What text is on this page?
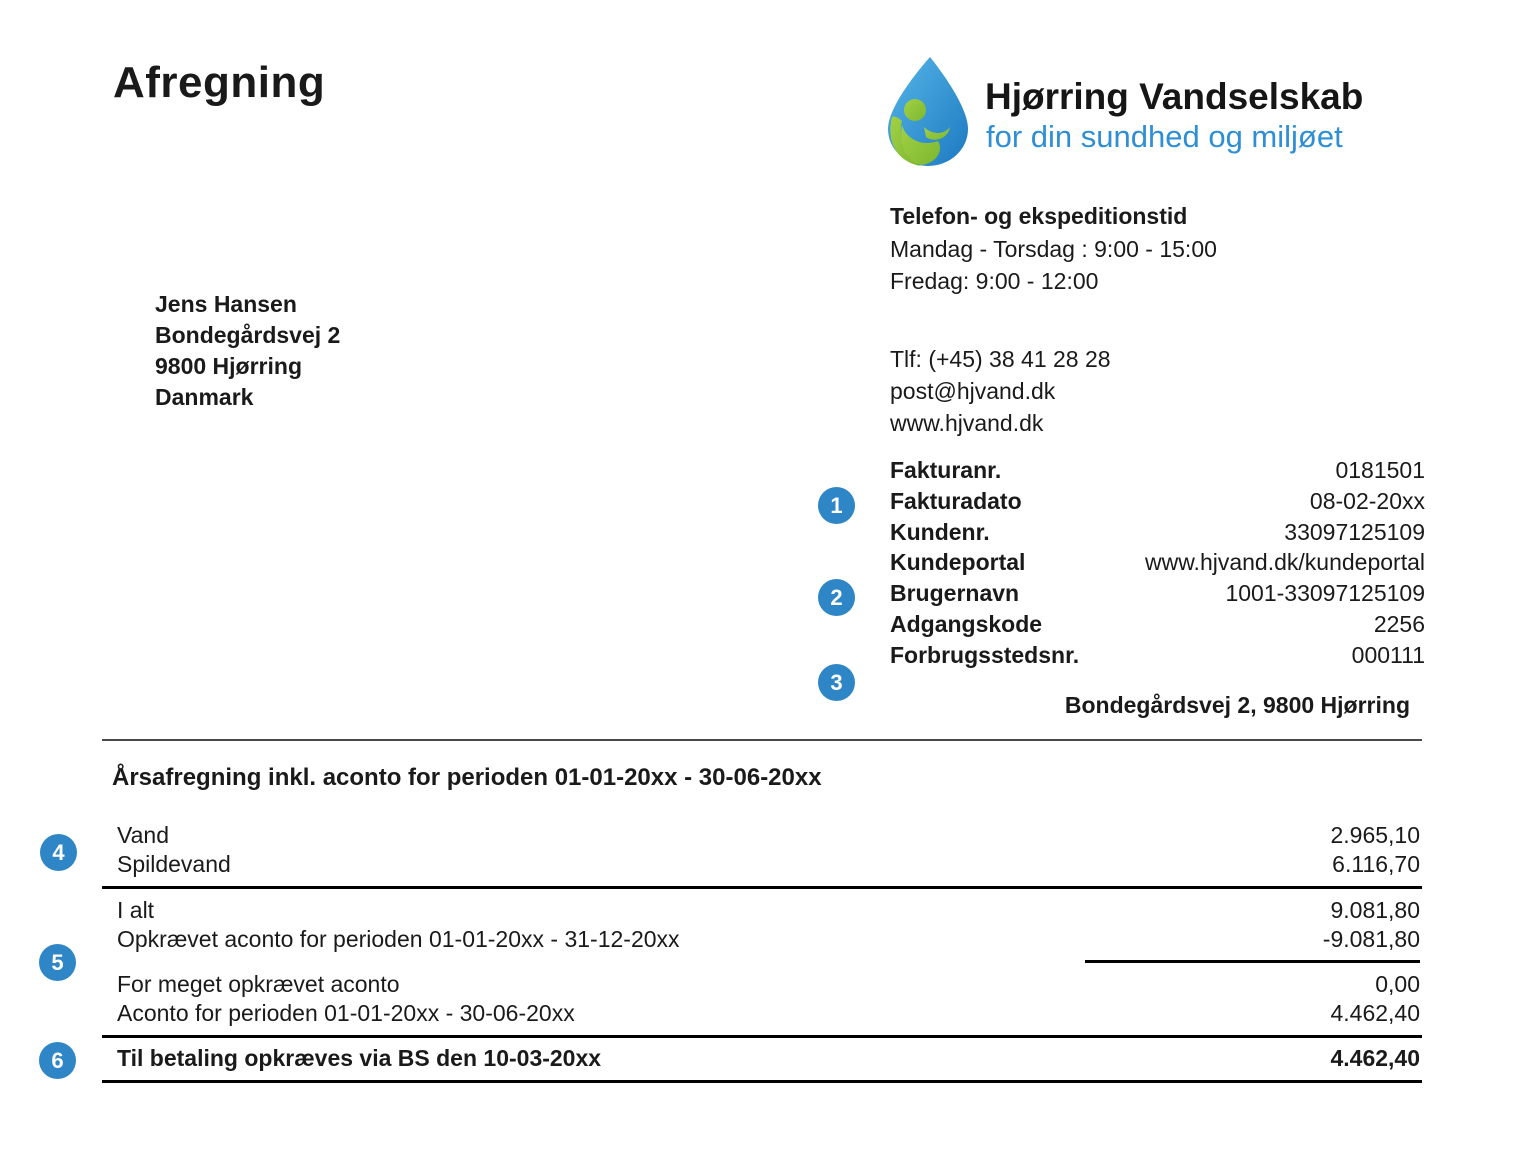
Afregning	Hjørring Vandselskab
for din sundhed og miljøet
Telefon- og ekspeditionstid
Mandag - Torsdag : 9:00 - 15:00
Fredag: 9:00 - 12:00
Tlf: (+45) 38 41 28 28
post@hjvand.dk
www.hjvand.dk
Jens Hansen
Bondegårdsvej 2
9800 Hjørring
Danmark
Fakturanr.	0181501
Fakturadato	08-02-20xx
Kundenr.	33097125109
Kundeportal	www.hjvand.dk/kundeportal
Brugernavn	1001-33097125109
Adgangskode	2256
Forbrugsstedsnr.	000111
Bondegårdsvej 2, 9800 Hjørring
1
2
3
4
5
6
Årsafregning inkl. aconto for perioden 01-01-20xx - 30-06-20xx
Vand	2.965,10
Spildevand	6.116,70
I alt	9.081,80
Opkrævet aconto for perioden 01-01-20xx - 31-12-20xx	-9.081,80
For meget opkrævet aconto	0,00
Aconto for perioden 01-01-20xx - 30-06-20xx	4.462,40
Til betaling opkræves via BS den 10-03-20xx	4.462,40
